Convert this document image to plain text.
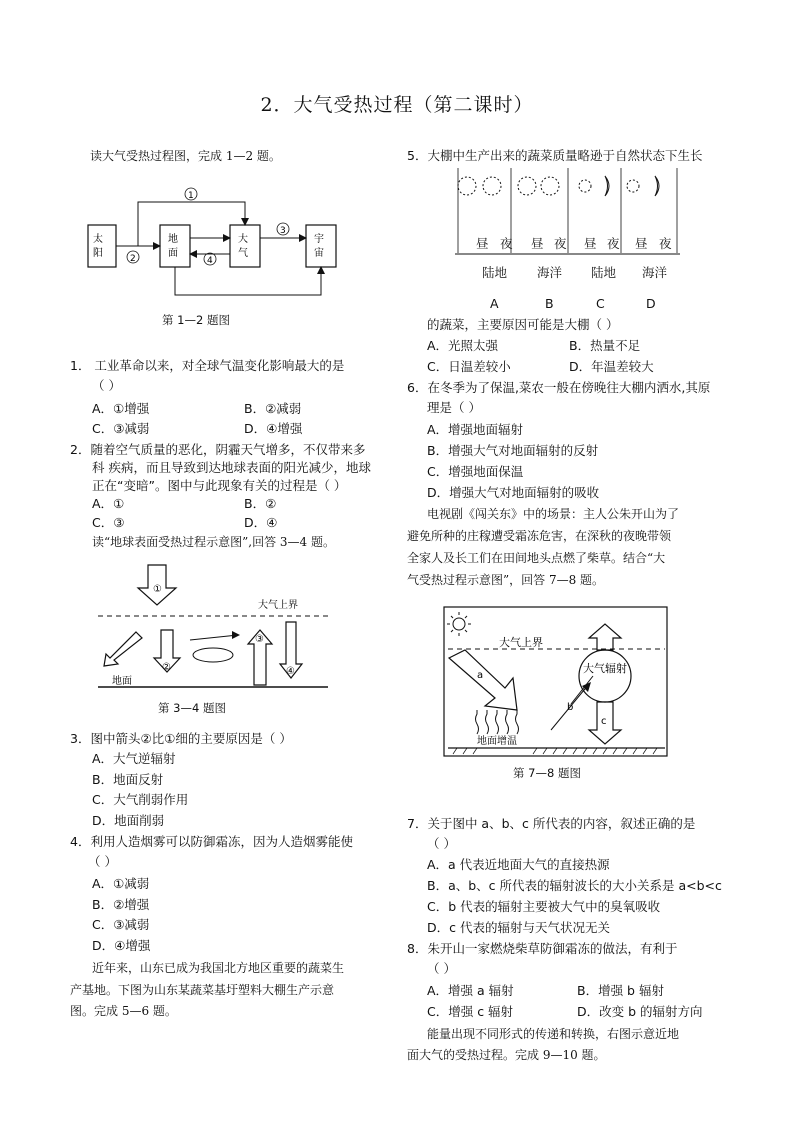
2．大气受热过程（第二课时）
读大气受热过程图，完成 1—2 题。
太
阳
地
面
大
气
宇
宙
1
2	4
3
第 1—2 题图
1． 工业革命以来，对全球气温变化影响最大的是
（ ）
A．①增强	B．②减弱
C．③减弱	D．④增强
2．随着空气质量的恶化，阴霾天气增多，不仅带来多
科 疾病，而且导致到达地球表面的阳光减少，地球
正在“变暗”。图中与此现象有关的过程是（ ）
A．①	B．②
C．③	D．④
读“地球表面受热过程示意图”,回答 3—4 题。
大气上界
①
②
③
④
地面
第 3—4 题图
3．图中箭头②比①细的主要原因是（ ）
A．大气逆辐射
B．地面反射
C．大气削弱作用
D．地面削弱
4．利用人造烟雾可以防御霜冻，因为人造烟雾能使
（ ）
A．①减弱
B．②增强
C．③减弱
D．④增强
近年来，山东已成为我国北方地区重要的蔬菜生
产基地。下图为山东某蔬菜基圩塑料大棚生产示意
图。完成 5—6 题。
5．大棚中生产出来的蔬菜质量略逊于自然状态下生长
昼 夜 昼 夜 昼 夜 昼 夜
陆地 海洋 陆地 海洋
A	B	C	D
的蔬菜，主要原因可能是大棚（ ）
A．光照太强	B．热量不足
C．日温差较小	D．年温差较大
6．在冬季为了保温,菜农一般在傍晚往大棚内洒水,其原
理是（ ）
A．增强地面辐射
B．增强大气对地面辐射的反射
C．增强地面保温
D．增强大气对地面辐射的吸收
电视剧《闯关东》中的场景：主人公朱开山为了
避免所种的庄稼遭受霜冻危害，在深秋的夜晚带领
全家人及长工们在田间地头点燃了柴草。结合“大
气受热过程示意图”，回答 7—8 题。
大气上界
a
地面增温
大气辐射
c
b
第 7—8 题图
7．关于图中 a、b、c 所代表的内容，叙述正确的是
（ ）
A．a 代表近地面大气的直接热源
B．a、b、c 所代表的辐射波长的大小关系是 a<b<c
C．b 代表的辐射主要被大气中的臭氧吸收
D．c 代表的辐射与天气状况无关
8．朱开山一家燃烧柴草防御霜冻的做法，有利于
（ ）
A．增强 a 辐射	B．增强 b 辐射
C．增强 c 辐射	D．改变 b 的辐射方向
能量出现不同形式的传递和转换，右图示意近地
面大气的受热过程。完成 9—10 题。
